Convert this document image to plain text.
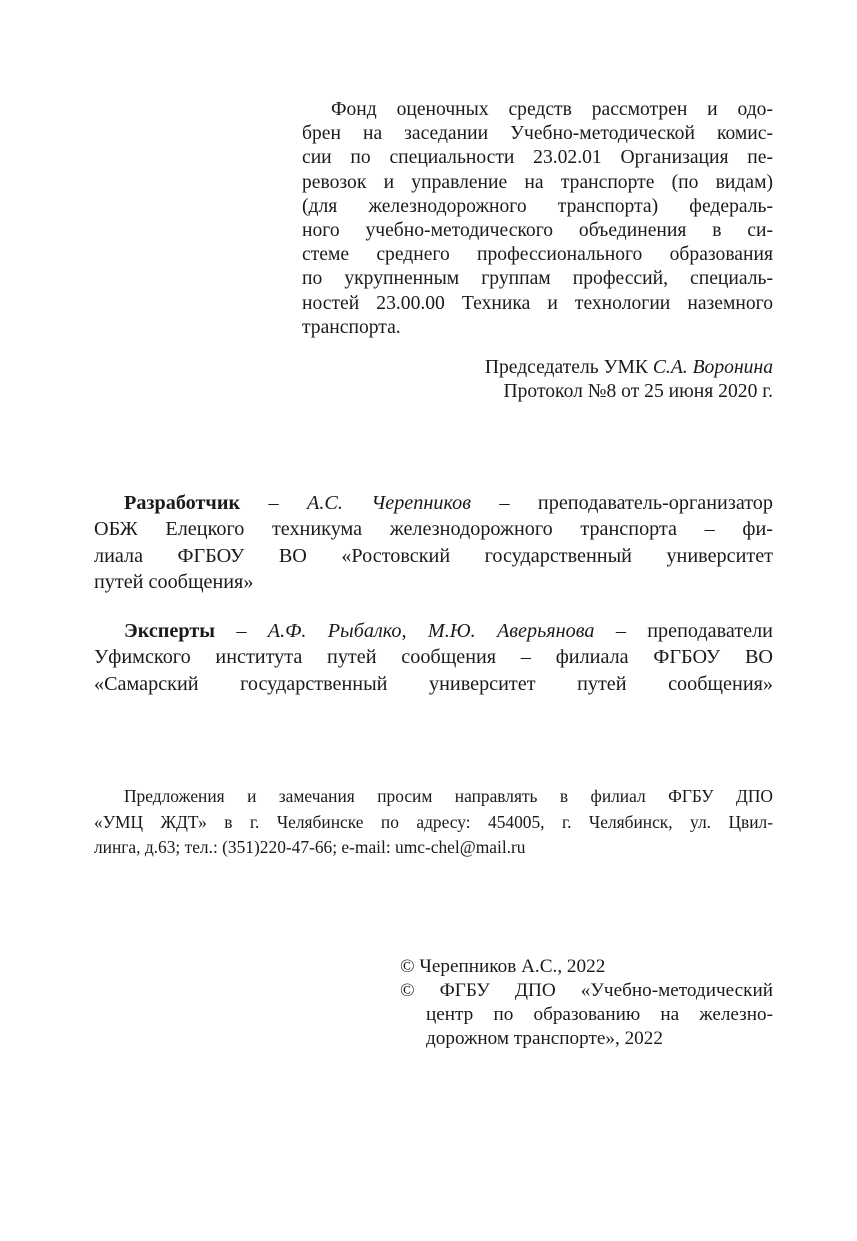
Фонд оценочных средств рассмотрен и одо-
брен на заседании Учебно-методической комис-
сии по специальности 23.02.01 Организация пе-
ревозок и управление на транспорте (по видам)
(для железнодорожного транспорта) федераль-
ного учебно-методического объединения в си-
стеме среднего профессионального образования
по укрупненным группам профессий, специаль-
ностей 23.00.00 Техника и технологии наземного
транспорта.
Председатель УМК С.А. Воронина
Протокол №8 от 25 июня 2020 г.
Разработчик – А.С. Черепников – преподаватель-организатор
ОБЖ Елецкого техникума железнодорожного транспорта – фи-
лиала ФГБОУ ВО «Ростовский государственный университет
путей сообщения»
Эксперты – А.Ф. Рыбалко, М.Ю. Аверьянова – преподаватели
Уфимского института путей сообщения – филиала ФГБОУ ВО
«Самарский государственный университет путей сообщения»
Предложения и замечания просим направлять в филиал ФГБУ ДПО
«УМЦ ЖДТ» в г. Челябинске по адресу: 454005, г. Челябинск, ул. Цвил-
линга, д.63; тел.: (351)220-47-66; e-mail: umc-chel@mail.ru
© Черепников А.С., 2022
© ФГБУ ДПО «Учебно-методический
центр по образованию на железно-
дорожном транспорте», 2022
